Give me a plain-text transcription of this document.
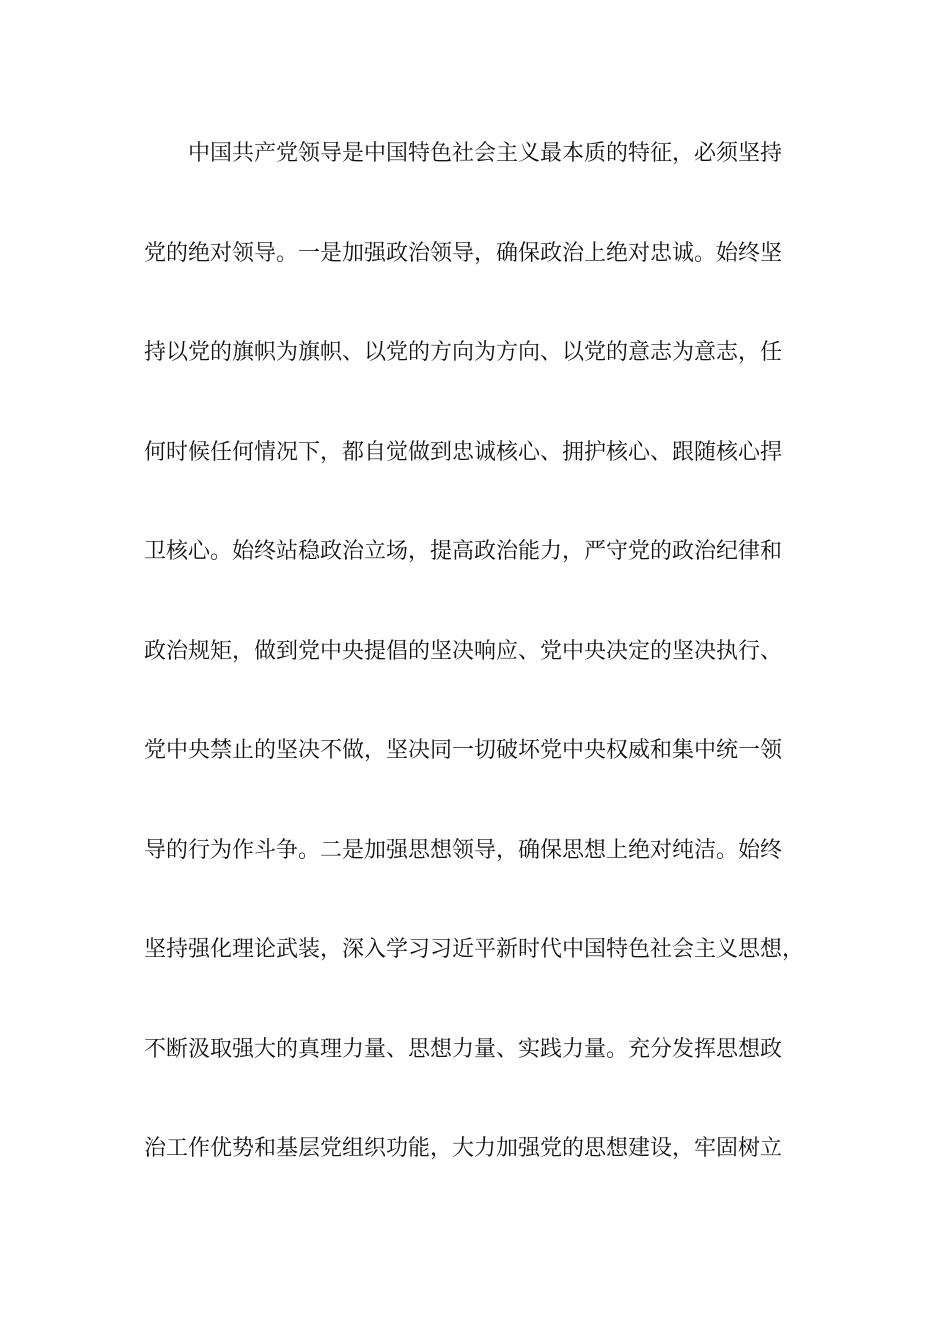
中国共产党领导是中国特色社会主义最本质的特征，必须坚持
党的绝对领导。一是加强政治领导，确保政治上绝对忠诚。始终坚
持以党的旗帜为旗帜、以党的方向为方向、以党的意志为意志，任
何时候任何情况下，都自觉做到忠诚核心、拥护核心、跟随核心捍
卫核心。始终站稳政治立场，提高政治能力，严守党的政治纪律和
政治规矩，做到党中央提倡的坚决响应、党中央决定的坚决执行、
党中央禁止的坚决不做，坚决同一切破坏党中央权威和集中统一领
导的行为作斗争。二是加强思想领导，确保思想上绝对纯洁。始终
坚持强化理论武装，深入学习习近平新时代中国特色社会主义思想，
不断汲取强大的真理力量、思想力量、实践力量。充分发挥思想政
治工作优势和基层党组织功能，大力加强党的思想建设，牢固树立
